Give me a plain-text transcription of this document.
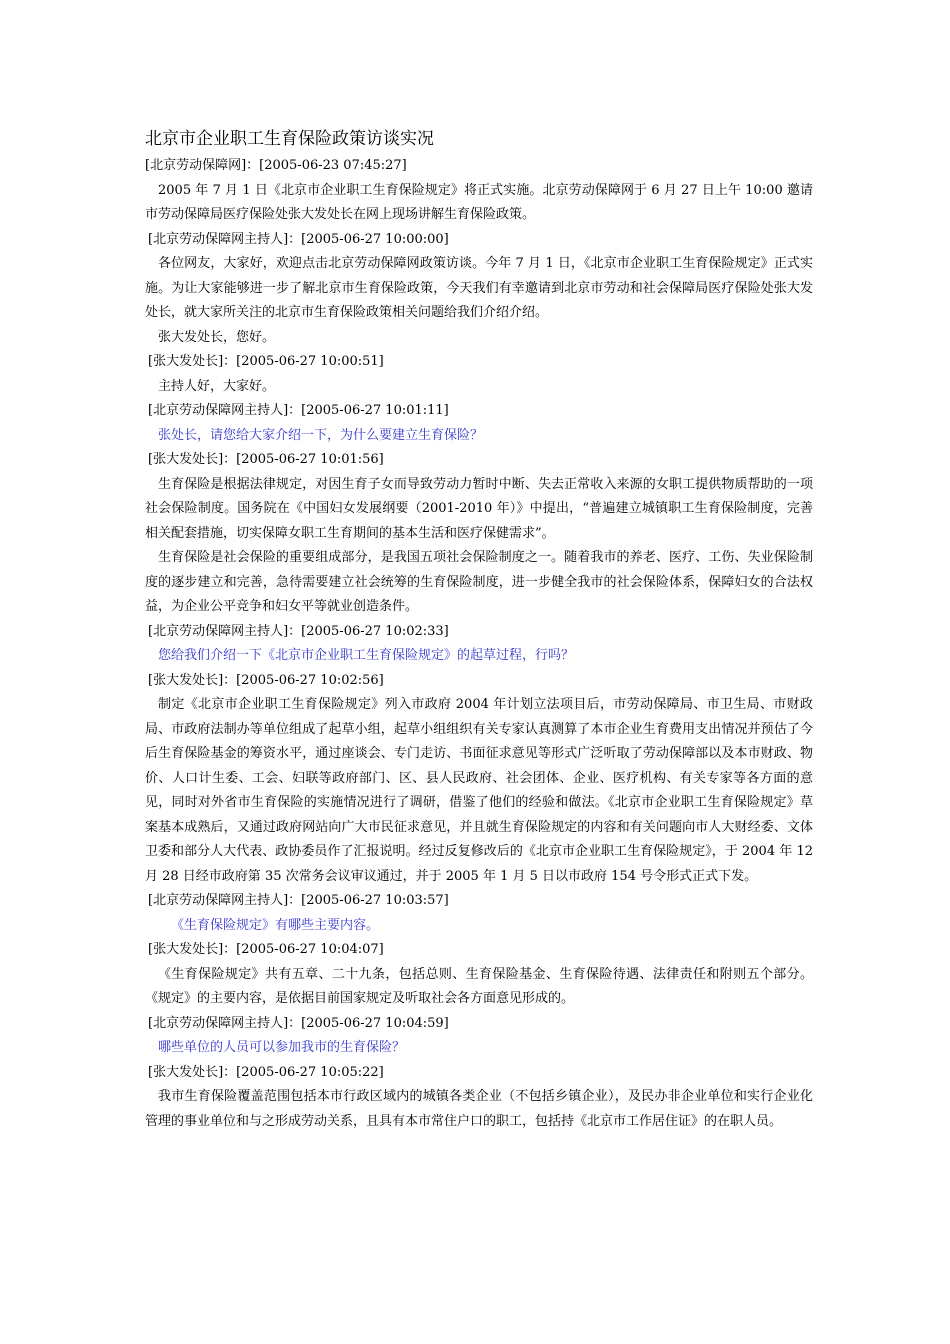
北京市企业职工生育保险政策访谈实况

[北京劳动保障网]：[2005-06-23 07:45:27]

2005 年 7 月 1 日《北京市企业职工生育保险规定》将正式实施。北京劳动保障网于 6 月 27 日上午 10:00 邀请市劳动保障局医疗保险处张大发处长在网上现场讲解生育保险政策。

[北京劳动保障网主持人]：[2005-06-27 10:00:00]

各位网友，大家好，欢迎点击北京劳动保障网政策访谈。今年 7 月 1 日，《北京市企业职工生育保险规定》正式实施。为让大家能够进一步了解北京市生育保险政策，今天我们有幸邀请到北京市劳动和社会保障局医疗保险处张大发处长，就大家所关注的北京市生育保险政策相关问题给我们介绍介绍。

张大发处长，您好。

[张大发处长]：[2005-06-27 10:00:51]

主持人好，大家好。

[北京劳动保障网主持人]：[2005-06-27 10:01:11]

张处长，请您给大家介绍一下，为什么要建立生育保险？

[张大发处长]：[2005-06-27 10:01:56]

生育保险是根据法律规定，对因生育子女而导致劳动力暂时中断、失去正常收入来源的女职工提供物质帮助的一项社会保险制度。国务院在《中国妇女发展纲要（2001-2010 年）》中提出，“普遍建立城镇职工生育保险制度，完善相关配套措施，切实保障女职工生育期间的基本生活和医疗保健需求”。

生育保险是社会保险的重要组成部分，是我国五项社会保险制度之一。随着我市的养老、医疗、工伤、失业保险制度的逐步建立和完善，急待需要建立社会统筹的生育保险制度，进一步健全我市的社会保险体系，保障妇女的合法权益，为企业公平竞争和妇女平等就业创造条件。

[北京劳动保障网主持人]：[2005-06-27 10:02:33]

您给我们介绍一下《北京市企业职工生育保险规定》的起草过程，行吗？

[张大发处长]：[2005-06-27 10:02:56]

制定《北京市企业职工生育保险规定》列入市政府 2004 年计划立法项目后，市劳动保障局、市卫生局、市财政局、市政府法制办等单位组成了起草小组，起草小组组织有关专家认真测算了本市企业生育费用支出情况并预估了今后生育保险基金的筹资水平，通过座谈会、专门走访、书面征求意见等形式广泛听取了劳动保障部以及本市财政、物价、人口计生委、工会、妇联等政府部门、区、县人民政府、社会团体、企业、医疗机构、有关专家等各方面的意见，同时对外省市生育保险的实施情况进行了调研，借鉴了他们的经验和做法。《北京市企业职工生育保险规定》草案基本成熟后，又通过政府网站向广大市民征求意见，并且就生育保险规定的内容和有关问题向市人大财经委、文体卫委和部分人大代表、政协委员作了汇报说明。经过反复修改后的《北京市企业职工生育保险规定》，于 2004 年 12 月 28 日经市政府第 35 次常务会议审议通过，并于 2005 年 1 月 5 日以市政府 154 号令形式正式下发。

[北京劳动保障网主持人]：[2005-06-27 10:03:57]

《生育保险规定》有哪些主要内容。

[张大发处长]：[2005-06-27 10:04:07]

《生育保险规定》共有五章、二十九条，包括总则、生育保险基金、生育保险待遇、法律责任和附则五个部分。《规定》的主要内容，是依据目前国家规定及听取社会各方面意见形成的。

[北京劳动保障网主持人]：[2005-06-27 10:04:59]

哪些单位的人员可以参加我市的生育保险？

[张大发处长]：[2005-06-27 10:05:22]

我市生育保险覆盖范围包括本市行政区域内的城镇各类企业（不包括乡镇企业），及民办非企业单位和实行企业化管理的事业单位和与之形成劳动关系，且具有本市常住户口的职工，包括持《北京市工作居住证》的在职人员。
